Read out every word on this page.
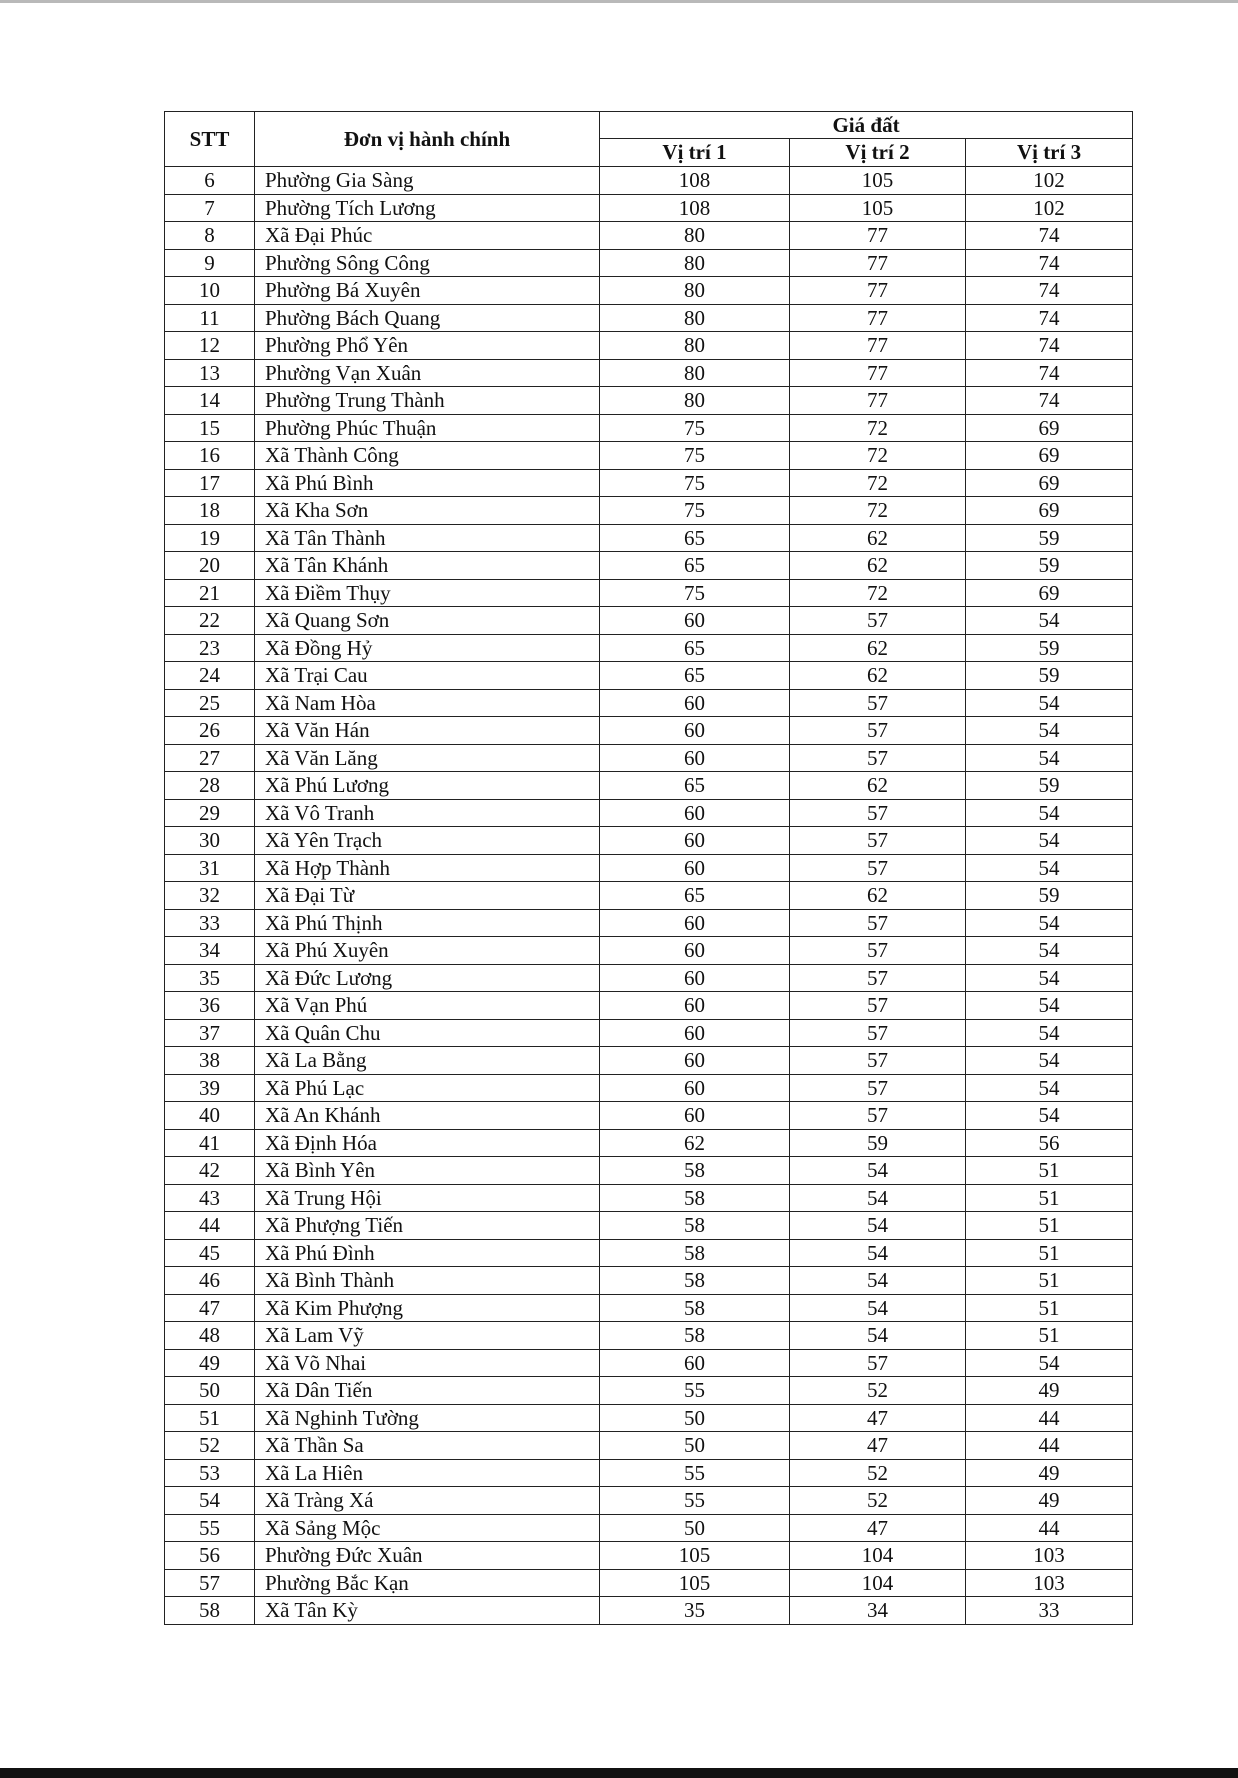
STT	Đơn vị hành chính	Giá đất		
		Vị trí 1	Vị trí 2	Vị trí 3
6	Phường Gia Sàng	108	105	102
7	Phường Tích Lương	108	105	102
8	Xã Đại Phúc	80	77	74
9	Phường Sông Công	80	77	74
10	Phường Bá Xuyên	80	77	74
11	Phường Bách Quang	80	77	74
12	Phường Phổ Yên	80	77	74
13	Phường Vạn Xuân	80	77	74
14	Phường Trung Thành	80	77	74
15	Phường Phúc Thuận	75	72	69
16	Xã Thành Công	75	72	69
17	Xã Phú Bình	75	72	69
18	Xã Kha Sơn	75	72	69
19	Xã Tân Thành	65	62	59
20	Xã Tân Khánh	65	62	59
21	Xã Điềm Thụy	75	72	69
22	Xã Quang Sơn	60	57	54
23	Xã Đồng Hỷ	65	62	59
24	Xã Trại Cau	65	62	59
25	Xã Nam Hòa	60	57	54
26	Xã Văn Hán	60	57	54
27	Xã Văn Lăng	60	57	54
28	Xã Phú Lương	65	62	59
29	Xã Vô Tranh	60	57	54
30	Xã Yên Trạch	60	57	54
31	Xã Hợp Thành	60	57	54
32	Xã Đại Từ	65	62	59
33	Xã Phú Thịnh	60	57	54
34	Xã Phú Xuyên	60	57	54
35	Xã Đức Lương	60	57	54
36	Xã Vạn Phú	60	57	54
37	Xã Quân Chu	60	57	54
38	Xã La Bằng	60	57	54
39	Xã Phú Lạc	60	57	54
40	Xã An Khánh	60	57	54
41	Xã Định Hóa	62	59	56
42	Xã Bình Yên	58	54	51
43	Xã Trung Hội	58	54	51
44	Xã Phượng Tiến	58	54	51
45	Xã Phú Đình	58	54	51
46	Xã Bình Thành	58	54	51
47	Xã Kim Phượng	58	54	51
48	Xã Lam Vỹ	58	54	51
49	Xã Võ Nhai	60	57	54
50	Xã Dân Tiến	55	52	49
51	Xã Nghinh Tường	50	47	44
52	Xã Thần Sa	50	47	44
53	Xã La Hiên	55	52	49
54	Xã Tràng Xá	55	52	49
55	Xã Sảng Mộc	50	47	44
56	Phường Đức Xuân	105	104	103
57	Phường Bắc Kạn	105	104	103
58	Xã Tân Kỳ	35	34	33
